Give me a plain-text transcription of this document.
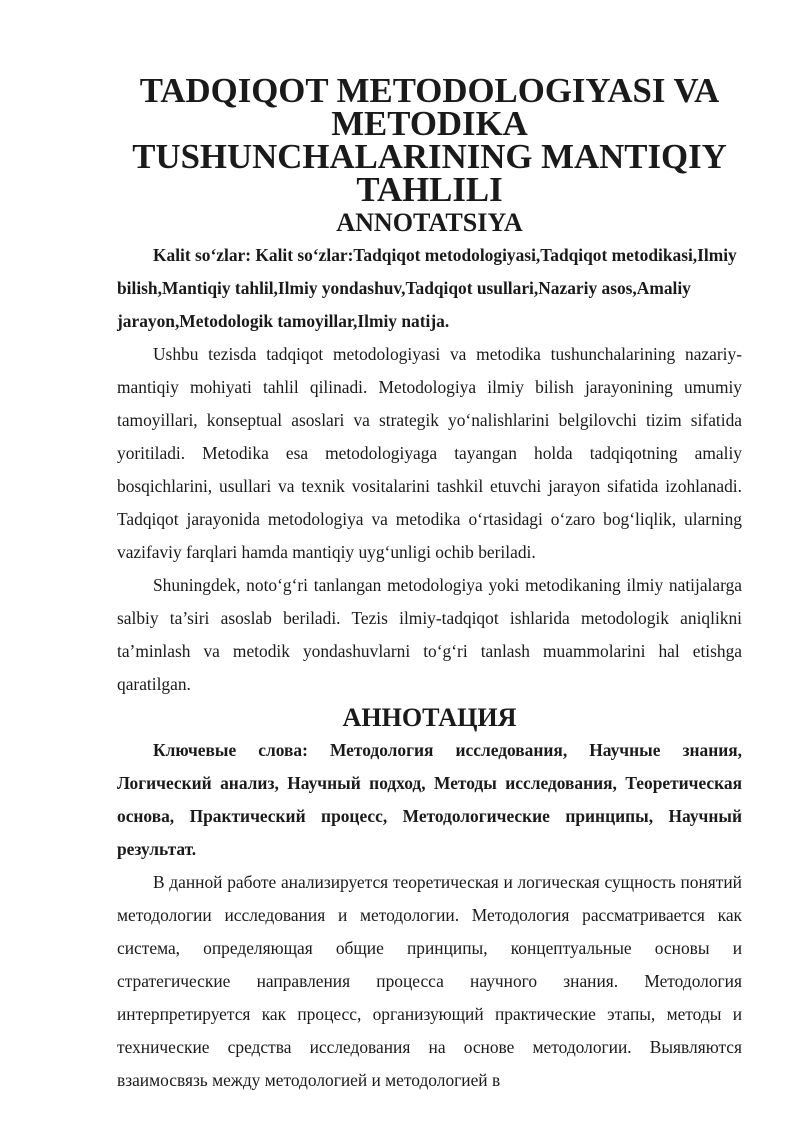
TADQIQOT METODOLOGIYASI VA METODIKA
TUSHUNCHALARINING MANTIQIY TAHLILI
ANNOTATSIYA

Kalit so‘zlar: Kalit so‘zlar:Tadqiqot metodologiyasi,Tadqiqot metodikasi,Ilmiy bilish,Mantiqiy tahlil,Ilmiy yondashuv,Tadqiqot usullari,Nazariy asos,Amaliy jarayon,Metodologik tamoyillar,Ilmiy natija.

Ushbu tezisda tadqiqot metodologiyasi va metodika tushunchalarining nazariy-mantiqiy mohiyati tahlil qilinadi. Metodologiya ilmiy bilish jarayonining umumiy tamoyillari, konseptual asoslari va strategik yo‘nalishlarini belgilovchi tizim sifatida yoritiladi. Metodika esa metodologiyaga tayangan holda tadqiqotning amaliy bosqichlarini, usullari va texnik vositalarini tashkil etuvchi jarayon sifatida izohlanadi. Tadqiqot jarayonida metodologiya va metodika o‘rtasidagi o‘zaro bog‘liqlik, ularning vazifaviy farqlari hamda mantiqiy uyg‘unligi ochib beriladi.

Shuningdek, noto‘g‘ri tanlangan metodologiya yoki metodikaning ilmiy natijalarga salbiy ta’siri asoslab beriladi. Tezis ilmiy-tadqiqot ishlarida metodologik aniqlikni ta’minlash va metodik yondashuvlarni to‘g‘ri tanlash muammolarini hal etishga qaratilgan.

АННОТАЦИЯ

Ключевые слова: Методология исследования, Научные знания, Логический анализ, Научный подход, Методы исследования, Теоретическая основа, Практический процесс, Методологические принципы, Научный результат.

В данной работе анализируется теоретическая и логическая сущность понятий методологии исследования и методологии. Методология рассматривается как система, определяющая общие принципы, концептуальные основы и стратегические направления процесса научного знания. Методология интерпретируется как процесс, организующий практические этапы, методы и технические средства исследования на основе методологии. Выявляются взаимосвязь между методологией и методологией в
